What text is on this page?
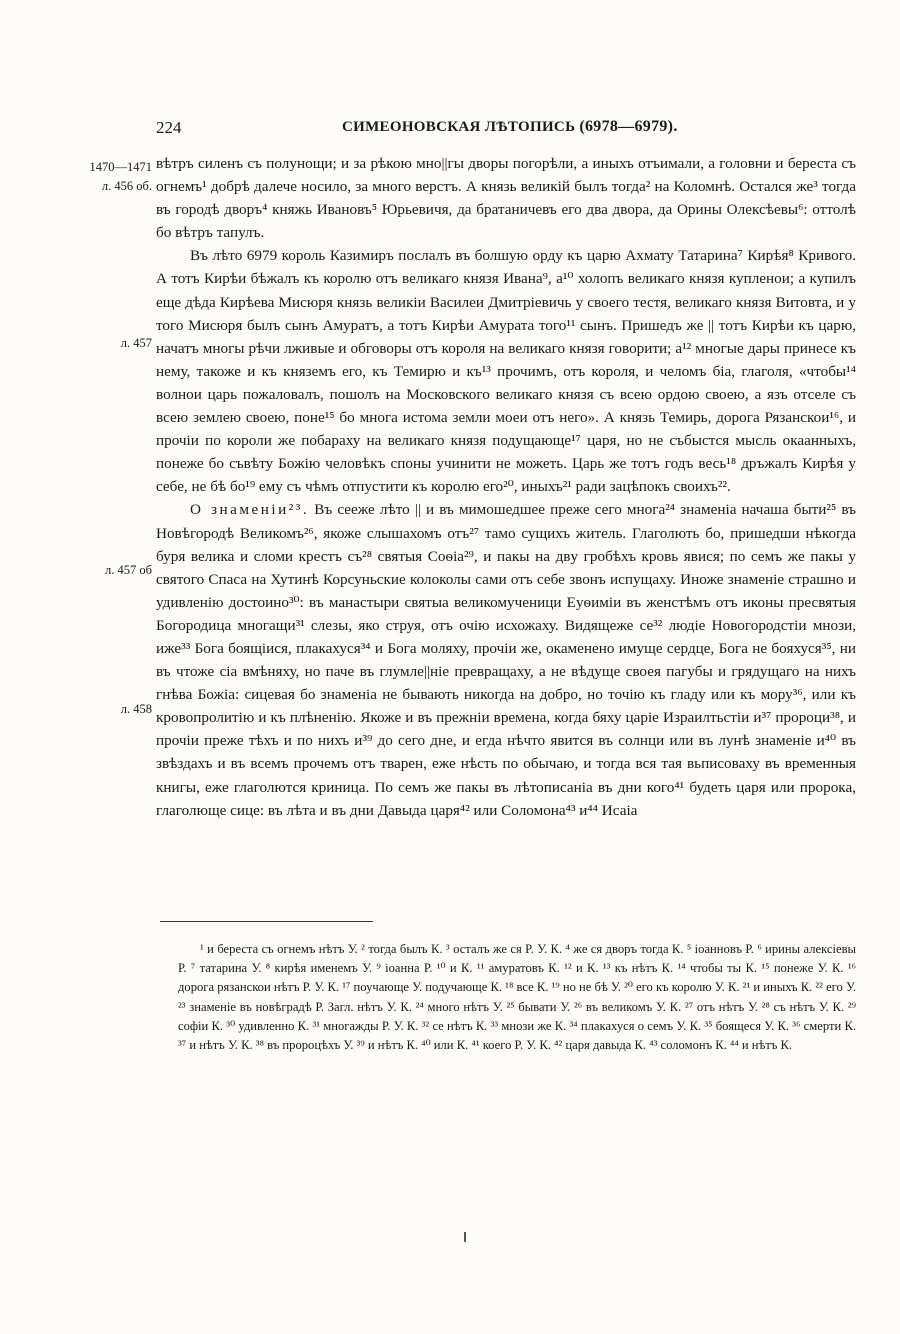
224	СИМЕОНОВСКАЯ ЛѢТОПИСЬ (6978—6979).
1470—1471
л. 456 об.
л. 457
л. 457 об
л. 458

вѣтръ силенъ съ полунощи; и за рѣкою мно||гы дворы погорѣли, а иныхъ отъимали, а головни и береста съ огнемъ¹ добрѣ далече носило, за много верстъ. А князь великій былъ тогда² на Коломнѣ. Остался же³ тогда въ городѣ дворъ⁴ княжь Ивановъ⁵ Юрьевичя, да братаничевъ его два двора, да Орины Олексѣевы⁶: оттолѣ бо вѣтръ тапулъ.

Въ лѣто 6979 король Казимиръ послалъ въ болшую орду къ царю Ахмату Татарина⁷ Кирѣя⁸ Кривого. А тотъ Кирѣи бѣжалъ къ королю отъ великаго князя Ивана⁹, а¹⁰ холопъ великаго князя купленои; а купилъ еще дѣда Кирѣева Мисюря князь великіи Василеи Дмитріевичь у своего тестя, великаго князя Витовта, и у того Мисюря былъ сынъ Амуратъ, а тотъ Кирѣи Амурата того¹¹ сынъ. Пришедъ же || тотъ Кирѣи къ царю, начатъ многы рѣчи лживые и обговоры отъ короля на великаго князя говорити; а¹² многые дары принесе къ нему, такоже и къ княземъ его, къ Темирю и къ¹³ прочимъ, отъ короля, и челомъ біа, глаголя, «чтобы¹⁴ волнои царь пожаловалъ, пошолъ на Московского великаго князя съ всею ордою своею, а язъ отселе съ всею землею своею, поне¹⁵ бо многа истома земли моеи отъ него». А князь Темирь, дорога Рязанскои¹⁶, и прочіи по короли же побараху на великаго князя подущающе¹⁷ царя, но не събыстся мысль окаанныхъ, понеже бо съвѣту Божію человѣкъ споны учинити не можеть. Царь же тотъ годъ весь¹⁸ дръжалъ Кирѣя у себе, не бѣ бо¹⁹ ему съ чѣмъ отпустити къ королю его²⁰, иныхъ²¹ ради зацѣпокъ своихъ²².

О знаменіи²³. Въ сееже лѣто || и въ мимошедшее преже сего многа²⁴ знаменіа начаша быти²⁵ въ Новѣгородѣ Великомъ²⁶, якоже слышахомъ отъ²⁷ тамо сущихъ житель. Глаголють бо, пришедши нѣкогда буря велика и сломи крестъ съ²⁸ святыя Соѳіа²⁹, и пакы на двy гробѣхъ кровь явися; по семъ же пакы у святого Спаса на Хутинѣ Корсуньские колоколы сами отъ себе звонъ испущаху. Иноже знаменіе страшно и удивленію достоино³⁰: въ манастыри святыа великомученици Еуѳиміи въ женстѣмъ отъ иконы пресвятыя Богородица многащи³¹ слезы, яко струя, отъ очію исхожаху. Видящеже се³² людіе Новогородстіи мнози, иже³³ Бога боящіися, плакахуся³⁴ и Бога моляху, прочіи же, окаменено имуще сердце, Бога не бояхуся³⁵, ни въ чтоже сіа вмѣняху, но паче въ глумле||ніе превращаху, а не вѣдуще своея пагубы и грядущаго на нихъ гнѣва Божіа: сицевая бо знаменіа не бывають никогда на добро, но точію къ гладу или къ мору³⁶, или къ кровопролитію и къ плѣненію. Якоже и въ прежніи времена, когда бяху царіе Израилтьстіи и³⁷ пророци³⁸, и прочіи преже тѣхъ и по нихъ и³⁹ до сего дне, и егда нѣчто явится въ солнци или въ лунѣ знаменіе и⁴⁰ въ звѣздахъ и въ всемъ прочемъ отъ тварен, еже нѣсть по обычаю, и тогда вся тая вьписоваху въ временныя книгы, еже глаголются криница. По семъ же пакы въ лѣтописаніа въ дни кого⁴¹ будеть царя или пророка, глаголюще сице: въ лѣта и въ дни Давыда царя⁴² или Соломона⁴³ и⁴⁴ Исаіа

¹ и береста съ огнемъ нѣтъ У. ² тогда былъ К. ³ осталъ же ся Р. У. К. ⁴ же ся дворъ тогда К. ⁵ іоанновъ Р. ⁶ ирины алексіевы Р. ⁷ татарина У. ⁸ кирѣя именемъ У. ⁹ іоанна Р. ¹⁰ и К. ¹¹ амуратовъ К. ¹² и К. ¹³ къ нѣтъ К. ¹⁴ чтобы ты К. ¹⁵ понеже У. К. ¹⁶ дорога рязанскои нѣтъ Р. У. К. ¹⁷ поучающе У. подучающе К. ¹⁸ все К. ¹⁹ но не бѣ У. ²⁰ его къ королю У. К. ²¹ и иныхъ К. ²² его У. ²³ знаменіе въ новѣградѣ Р. Загл. нѣтъ У. К. ²⁴ много нѣтъ У. ²⁵ бывати У. ²⁶ въ великомъ У. К. ²⁷ отъ нѣтъ У. ²⁸ съ нѣтъ У. К. ²⁹ софіи К. ³⁰ удивленно К. ³¹ многажды Р. У. К. ³² се нѣтъ К. ³³ мнози же К. ³⁴ плакахуся о семъ У. К. ³⁵ боящеся У. К. ³⁶ смерти К. ³⁷ и нѣтъ У. К. ³⁸ въ пророцѣхъ У. ³⁹ и нѣтъ К. ⁴⁰ или К. ⁴¹ коего Р. У. К. ⁴² царя давыда К. ⁴³ соломонъ К. ⁴⁴ и нѣтъ К.
